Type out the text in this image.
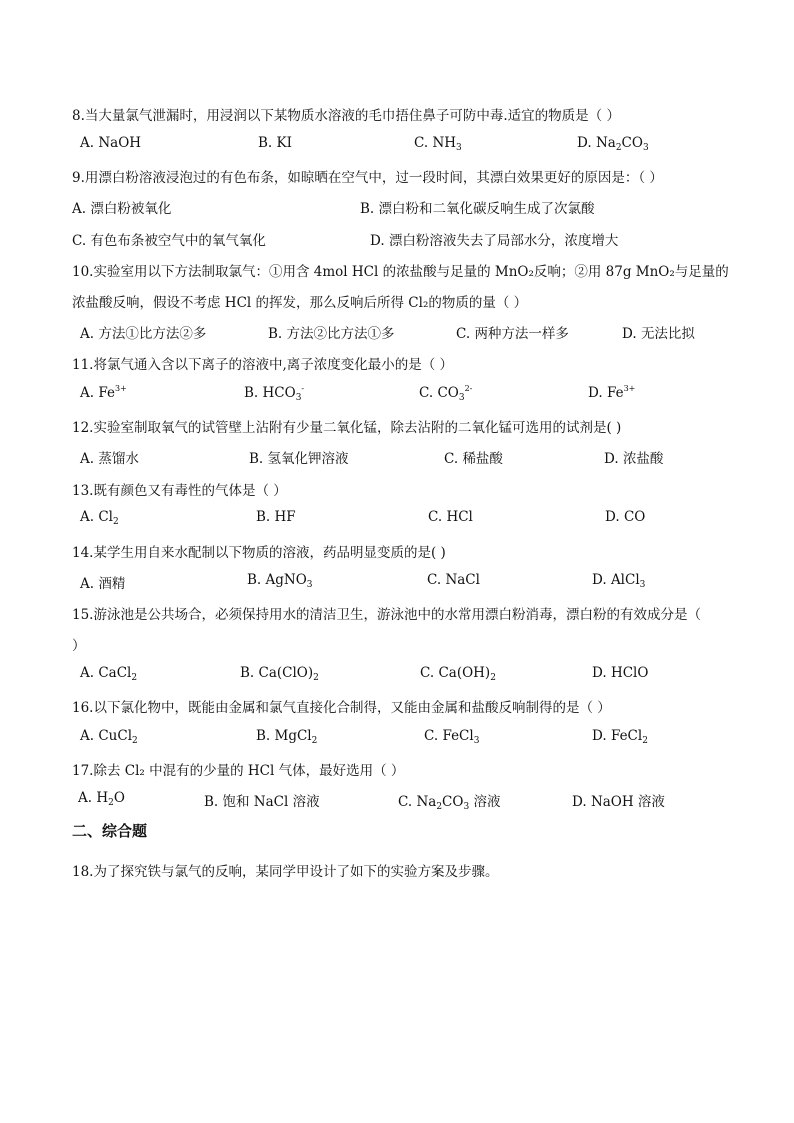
8.当大量氯气泄漏时，用浸润以下某物质水溶液的毛巾捂住鼻子可防中毒.适宜的物质是（ ）
A. NaOH	B. KI	C. $NH_3$	D. $Na_2CO_3$
9.用漂白粉溶液浸泡过的有色布条，如晾晒在空气中，过一段时间，其漂白效果更好的原因是：（ ）
A. 漂白粉被氧化	B. 漂白粉和二氧化碳反响生成了次氯酸
C. 有色布条被空气中的氧气氧化	D. 漂白粉溶液失去了局部水分，浓度增大
10.实验室用以下方法制取氯气：①用含 4mol HCl 的浓盐酸与足量的 MnO₂反响；②用 87g MnO₂与足量的
浓盐酸反响，假设不考虑 HCl 的挥发，那么反响后所得 Cl₂的物质的量（ ）
A. 方法①比方法②多	B. 方法②比方法①多	C. 两种方法一样多	D. 无法比拟
11.将氯气通入含以下离子的溶液中,离子浓度变化最小的是（ ）
A. $Fe^{3+}$	B. $HCO_3^-$	C. $CO_3^{2-}$	D. $Fe^{3+}$
12.实验室制取氧气的试管壁上沾附有少量二氧化锰，除去沾附的二氧化锰可选用的试剂是( )
A. 蒸馏水	B. 氢氧化钾溶液	C. 稀盐酸	D. 浓盐酸
13.既有颜色又有毒性的气体是（ ）
A. $Cl_2$	B. HF	C. HCl	D. CO
14.某学生用自来水配制以下物质的溶液，药品明显变质的是( )
A. 酒精	B. AgNO$_3$	C. NaCl	D. AlCl$_3$
15.游泳池是公共场合，必须保持用水的清洁卫生，游泳池中的水常用漂白粉消毒，漂白粉的有效成分是（
）
A. CaCl$_2$	B. $Ca(ClO)_2$	C. $Ca(OH)_2$	D. HClO
16.以下氯化物中，既能由金属和氯气直接化合制得，又能由金属和盐酸反响制得的是（ ）
A. CuCl$_2$	B. MgCl$_2$	C. FeCl$_3$	D. FeCl$_2$
17.除去 Cl₂ 中混有的少量的 HCl 气体，最好选用（ ）
A. $H_2O$	B. 饱和 NaCl 溶液	C. $Na_2CO_3$ 溶液	D. NaOH 溶液
二、综合题
18.为了探究铁与氯气的反响，某同学甲设计了如下的实验方案及步骤。
